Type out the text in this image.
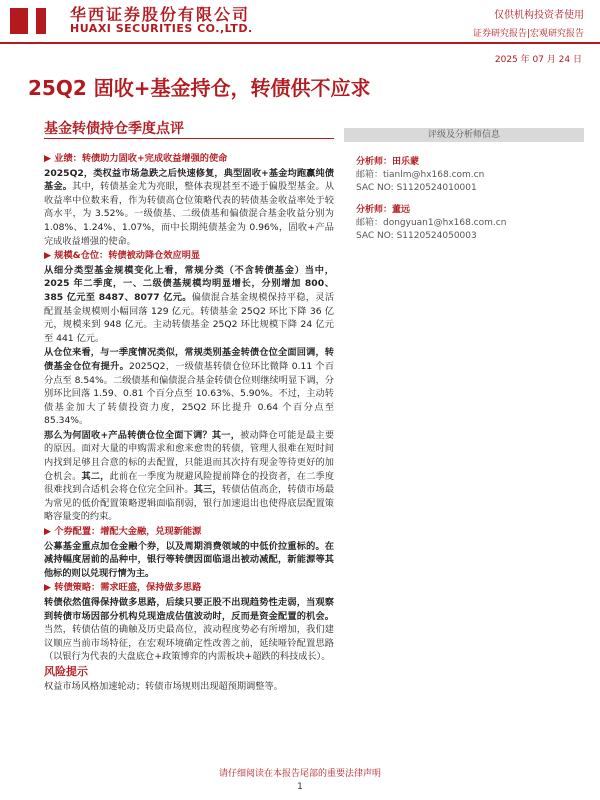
华西证券股份有限公司
HUAXI SECURITIES CO.,LTD.
仅供机构投资者使用
证券研究报告|宏观研究报告
2025 年 07 月 24 日
25Q2 固收+基金持仓，转债供不应求
基金转债持仓季度点评	评级及分析师信息
分析师：田乐蒙
邮箱：tianlm@hx168.com.cn
SAC NO: S1120524010001
分析师：董远
邮箱：dongyuan1@hx168.com.cn
SAC NO: S1120524050003

▶ 业绩：转债助力固收+完成收益增强的使命

2025Q2，类权益市场急跌之后快速修复，典型固收+基金均跑赢纯债基金。其中，转债基金尤为亮眼，整体表现甚至不逊于偏股型基金。从收益率中位数来看，作为转债高仓位策略代表的转债基金收益率处于较高水平，为 3.52%。一级债基、二级债基和偏债混合基金收益分别为 1.08%、1.24%、1.07%，而中长期纯债基金为 0.96%，固收+产品完成收益增强的使命。

▶ 规模&仓位：转债被动降仓效应明显

从细分类型基金规模变化上看，常规分类（不含转债基金）当中，2025 年二季度，一、二级债基规模均明显增长，分别增加 800、385 亿元至 8487、8077 亿元。偏债混合基金规模保持平稳，灵活配置基金规模则小幅回落 129 亿元。转债基金 25Q2 环比下降 36 亿元，规模来到 948 亿元。主动转债基金 25Q2 环比规模下降 24 亿元至 441 亿元。

从仓位来看，与一季度情况类似，常规类别基金转债仓位全面回调，转债基金仓位有提升。2025Q2，一级债基转债仓位环比微降 0.11 个百分点至 8.54%。二级债基和偏债混合基金转债仓位则继续明显下调，分别环比回落 1.59、0.81 个百分点至 10.63%、5.90%。不过，主动转债基金加大了转债投资力度，25Q2 环比提升 0.64 个百分点至 85.34%。

那么为何固收+产品转债仓位全面下调？其一，被动降仓可能是最主要的原因。面对大量的申购需求和愈来愈贵的转债，管理人很难在短时间内找到足够且合意的标的去配置，只能退而其次持有现金等待更好的加仓机会。其二，此前在一季度为规避风险提前降仓的投资者，在二季度很难找到合适机会将仓位完全回补。其三，转债估值高企，转债市场最为常见的低价配置策略逻辑面临削弱，银行加速退出也使得底层配置策略容量变的约束。

▶ 个券配置：增配大金融，兑现新能源

公募基金重点加仓金融个券，以及周期消费领域的中低价拉重标的。在减持幅度居前的品种中，银行等转债因面临退出被动减配，新能源等其他标的则以兑现行情为主。

▶ 转债策略：需求旺盛，保持做多思路

转债依然值得保持做多思路，后续只要正股不出现趋势性走弱，当观察到转债市场因部分机构兑现造成估值波动时，反而是资金配置的机会。当然，转债估值的确触及历史最高位，波动程度势必有所增加，我们建议顺应当前市场特征，在宏观环境确定性改善之前，延续哑铃配置思路（以银行为代表的大盘底仓+政策博弈的内需板块+超跌的科技成长）。

风险提示

权益市场风格加速轮动；转债市场规则出现超预期调整等。

请仔细阅读在本报告尾部的重要法律声明
1
